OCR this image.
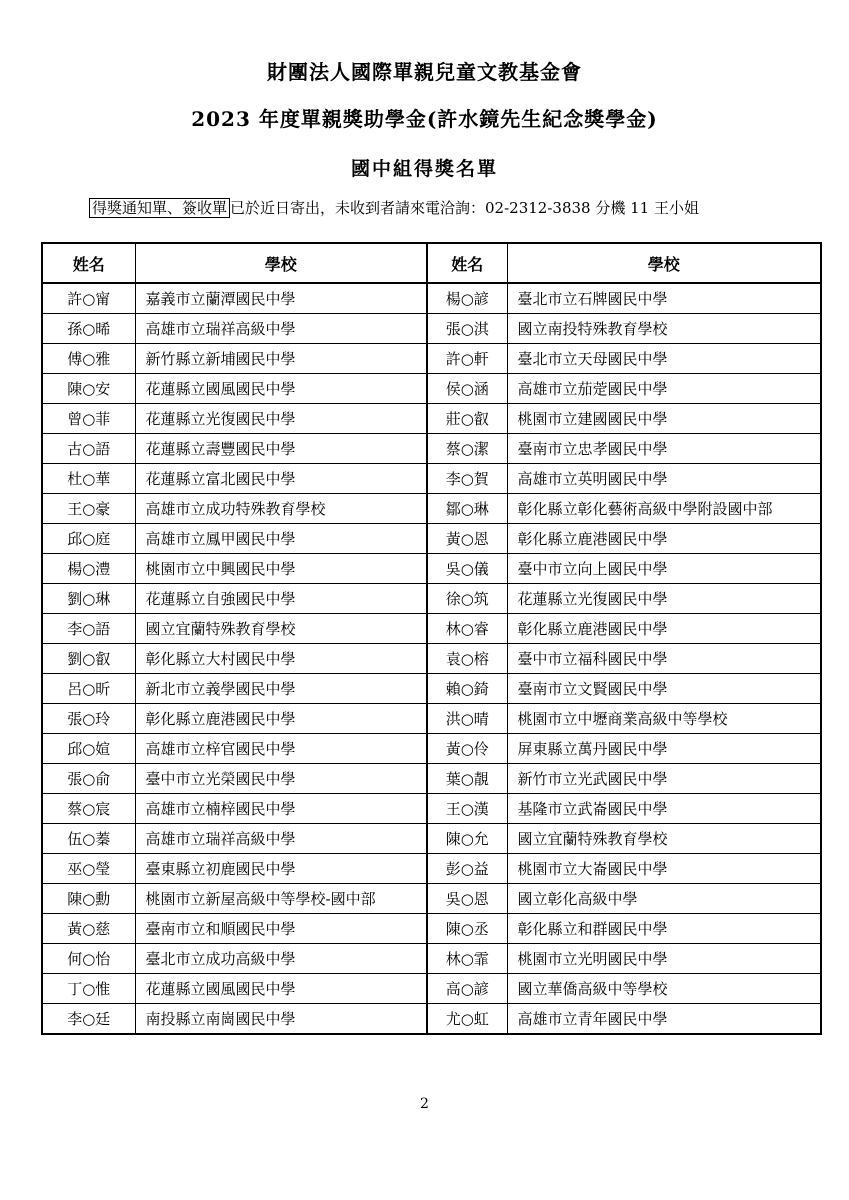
財團法人國際單親兒童文教基金會
2023 年度單親獎助學金(許水鏡先生紀念獎學金)
國中組得獎名單
得獎通知單、簽收單 已於近日寄出，未收到者請來電洽詢：02-2312-3838 分機 11 王小姐
姓名	學校	姓名	學校
許○甯	嘉義市立蘭潭國民中學	楊○諺	臺北市立石牌國民中學
孫○晞	高雄市立瑞祥高級中學	張○淇	國立南投特殊教育學校
傅○雅	新竹縣立新埔國民中學	許○軒	臺北市立天母國民中學
陳○安	花蓮縣立國風國民中學	侯○涵	高雄市立茄萣國民中學
曾○菲	花蓮縣立光復國民中學	莊○叡	桃園市立建國國民中學
古○語	花蓮縣立壽豐國民中學	蔡○潔	臺南市立忠孝國民中學
杜○華	花蓮縣立富北國民中學	李○賀	高雄市立英明國民中學
王○豪	高雄市立成功特殊教育學校	鄒○琳	彰化縣立彰化藝術高級中學附設國中部
邱○庭	高雄市立鳳甲國民中學	黃○恩	彰化縣立鹿港國民中學
楊○澧	桃園市立中興國民中學	吳○儀	臺中市立向上國民中學
劉○琳	花蓮縣立自強國民中學	徐○筑	花蓮縣立光復國民中學
李○語	國立宜蘭特殊教育學校	林○睿	彰化縣立鹿港國民中學
劉○叡	彰化縣立大村國民中學	袁○榕	臺中市立福科國民中學
呂○昕	新北市立義學國民中學	賴○錡	臺南市立文賢國民中學
張○玲	彰化縣立鹿港國民中學	洪○晴	桃園市立中壢商業高級中等學校
邱○媗	高雄市立梓官國民中學	黃○伶	屏東縣立萬丹國民中學
張○俞	臺中市立光榮國民中學	葉○靚	新竹市立光武國民中學
蔡○宸	高雄市立楠梓國民中學	王○漢	基隆市立武崙國民中學
伍○蓁	高雄市立瑞祥高級中學	陳○允	國立宜蘭特殊教育學校
巫○瑩	臺東縣立初鹿國民中學	彭○益	桃園市立大崙國民中學
陳○勳	桃園市立新屋高級中等學校-國中部	吳○恩	國立彰化高級中學
黃○慈	臺南市立和順國民中學	陳○丞	彰化縣立和群國民中學
何○怡	臺北市立成功高級中學	林○霏	桃園市立光明國民中學
丁○惟	花蓮縣立國風國民中學	高○諺	國立華僑高級中等學校
李○廷	南投縣立南崗國民中學	尤○虹	高雄市立青年國民中學
2
